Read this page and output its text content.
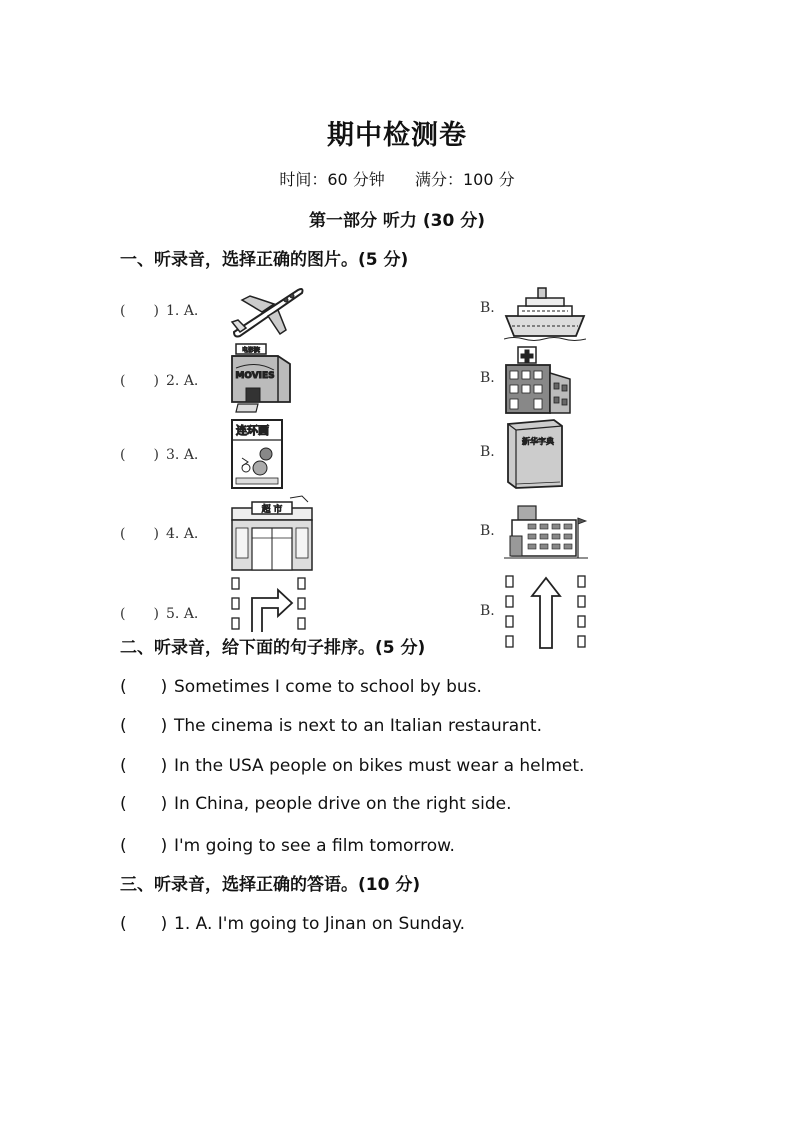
期中检测卷
时间：60 分钟 满分：100 分
第一部分 听力 (30 分)
一、听录音，选择正确的图片。(5 分)
(　　) 1. A.	B.
(　　) 2. A.
电影院
MOVIES	B.
(　　) 3. A.
连环画
B.
新华字典
(　　) 4. A.
超 市
B.
(　　) 5. A.	B.
二、听录音，给下面的句子排序。(5 分)
(　　) Sometimes I come to school by bus.
(　　) The cinema is next to an Italian restaurant.
(　　) In the USA people on bikes must wear a helmet.
(　　) In China, people drive on the right side.
(　　) I'm going to see a film tomorrow.
三、听录音，选择正确的答语。(10 分)
(　　) 1. A. I'm going to Jinan on Sunday.
